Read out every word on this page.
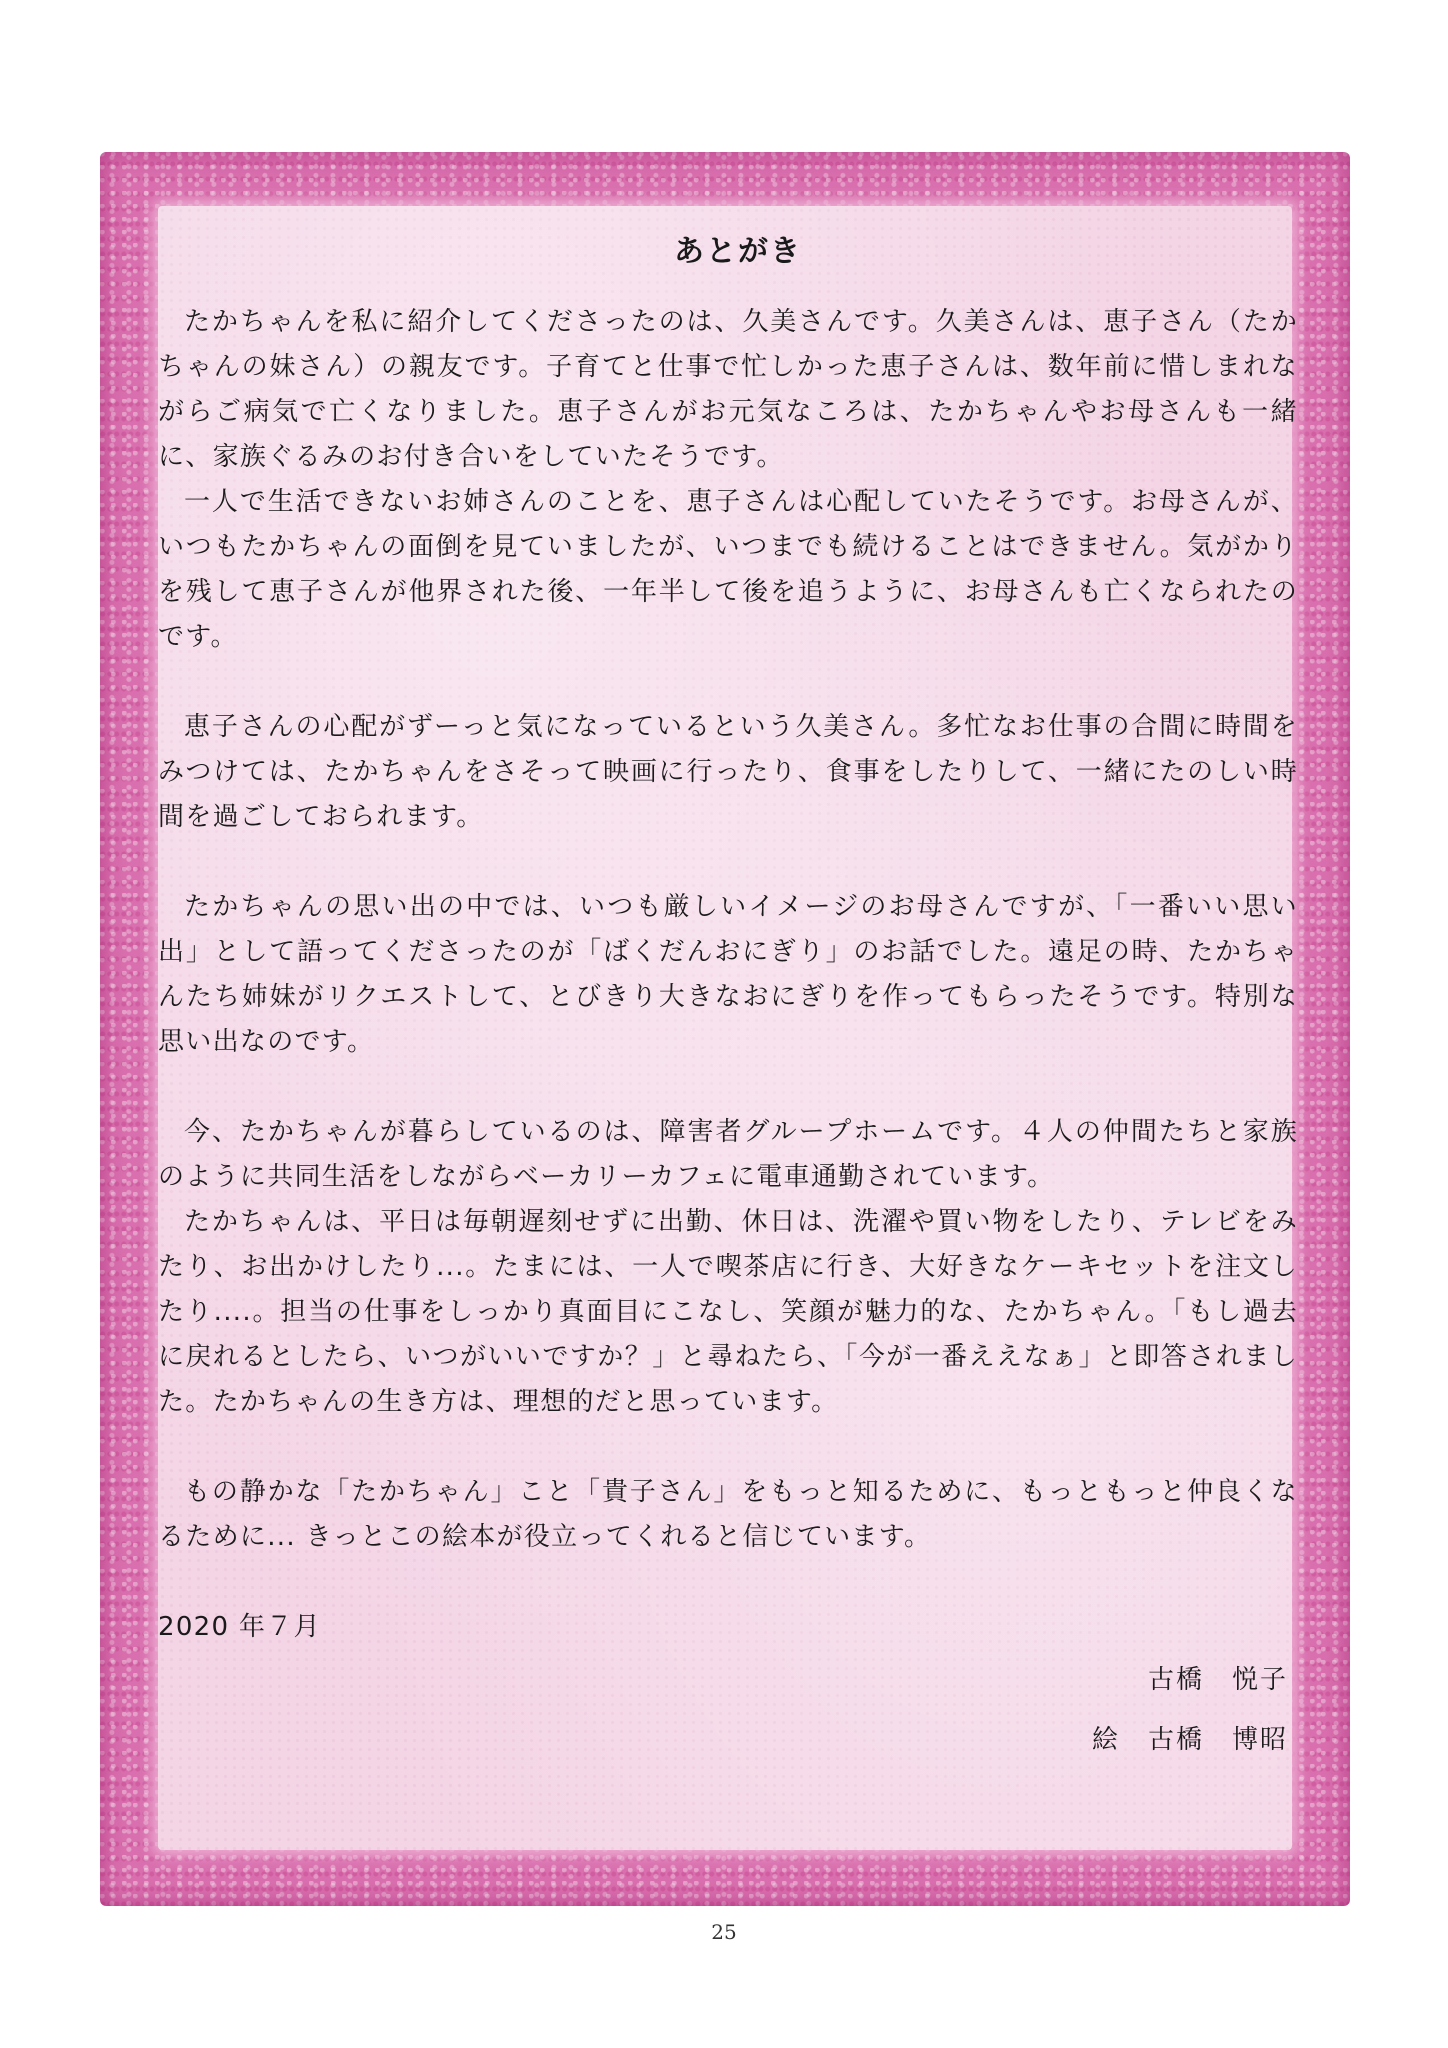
あとがき

たかちゃんを私に紹介してくださったのは、久美さんです。久美さんは、恵子さん（たかちゃんの妹さん）の親友です。子育てと仕事で忙しかった恵子さんは、数年前に惜しまれながらご病気で亡くなりました。恵子さんがお元気なころは、たかちゃんやお母さんも一緒に、家族ぐるみのお付き合いをしていたそうです。

一人で生活できないお姉さんのことを、恵子さんは心配していたそうです。お母さんが、いつもたかちゃんの面倒を見ていましたが、いつまでも続けることはできません。気がかりを残して恵子さんが他界された後、一年半して後を追うように、お母さんも亡くなられたのです。

恵子さんの心配がずーっと気になっているという久美さん。多忙なお仕事の合間に時間をみつけては、たかちゃんをさそって映画に行ったり、食事をしたりして、一緒にたのしい時間を過ごしておられます。

たかちゃんの思い出の中では、いつも厳しいイメージのお母さんですが、「一番いい思い出」として語ってくださったのが「ばくだんおにぎり」のお話でした。遠足の時、たかちゃんたち姉妹がリクエストして、とびきり大きなおにぎりを作ってもらったそうです。特別な思い出なのです。

今、たかちゃんが暮らしているのは、障害者グループホームです。４人の仲間たちと家族のように共同生活をしながらベーカリーカフェに電車通勤されています。

たかちゃんは、平日は毎朝遅刻せずに出勤、休日は、洗濯や買い物をしたり、テレビをみたり、お出かけしたり...。たまには、一人で喫茶店に行き、大好きなケーキセットを注文したり....。担当の仕事をしっかり真面目にこなし、笑顔が魅力的な、たかちゃん。「もし過去に戻れるとしたら、いつがいいですか？」と尋ねたら、「今が一番ええなぁ」と即答されました。たかちゃんの生き方は、理想的だと思っています。

もの静かな「たかちゃん」こと「貴子さん」をもっと知るために、もっともっと仲良くなるために... きっとこの絵本が役立ってくれると信じています。

2020 年７月

古橋　悦子

絵　古橋　博昭

25
